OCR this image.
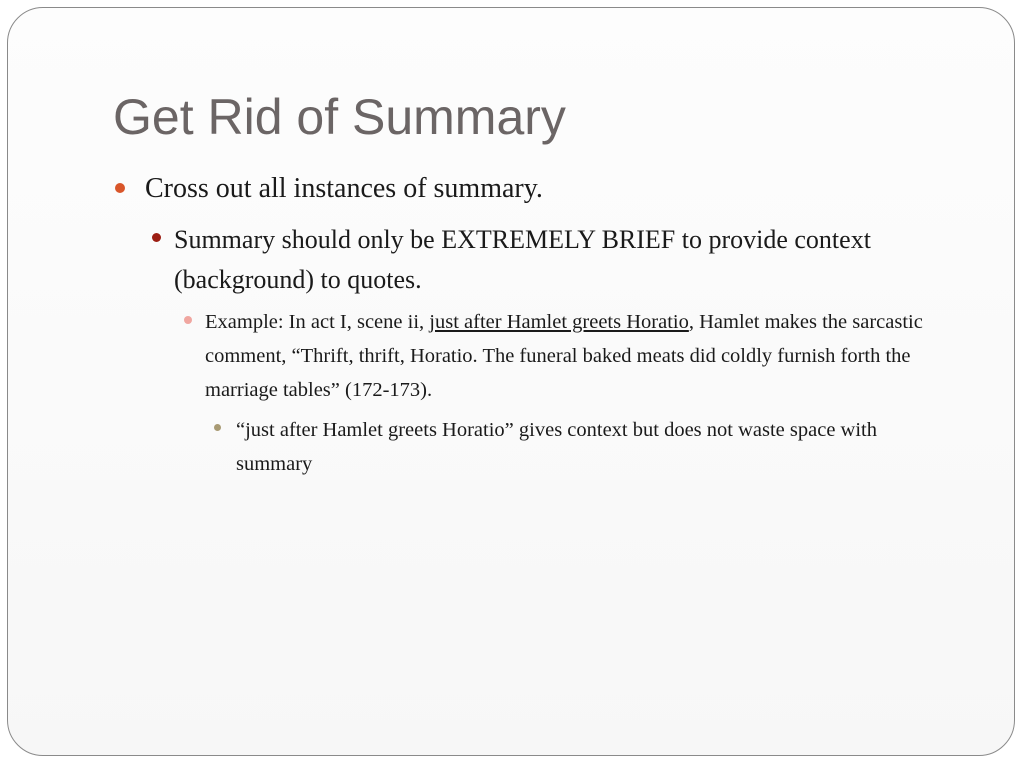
Get Rid of Summary
Cross out all instances of summary.
Summary should only be EXTREMELY BRIEF to provide context (background) to quotes.
Example: In act I, scene ii, just after Hamlet greets Horatio, Hamlet makes the sarcastic comment, “Thrift, thrift, Horatio. The funeral baked meats did coldly furnish forth the marriage tables” (172-173).
“just after Hamlet greets Horatio” gives context but does not waste space with summary
